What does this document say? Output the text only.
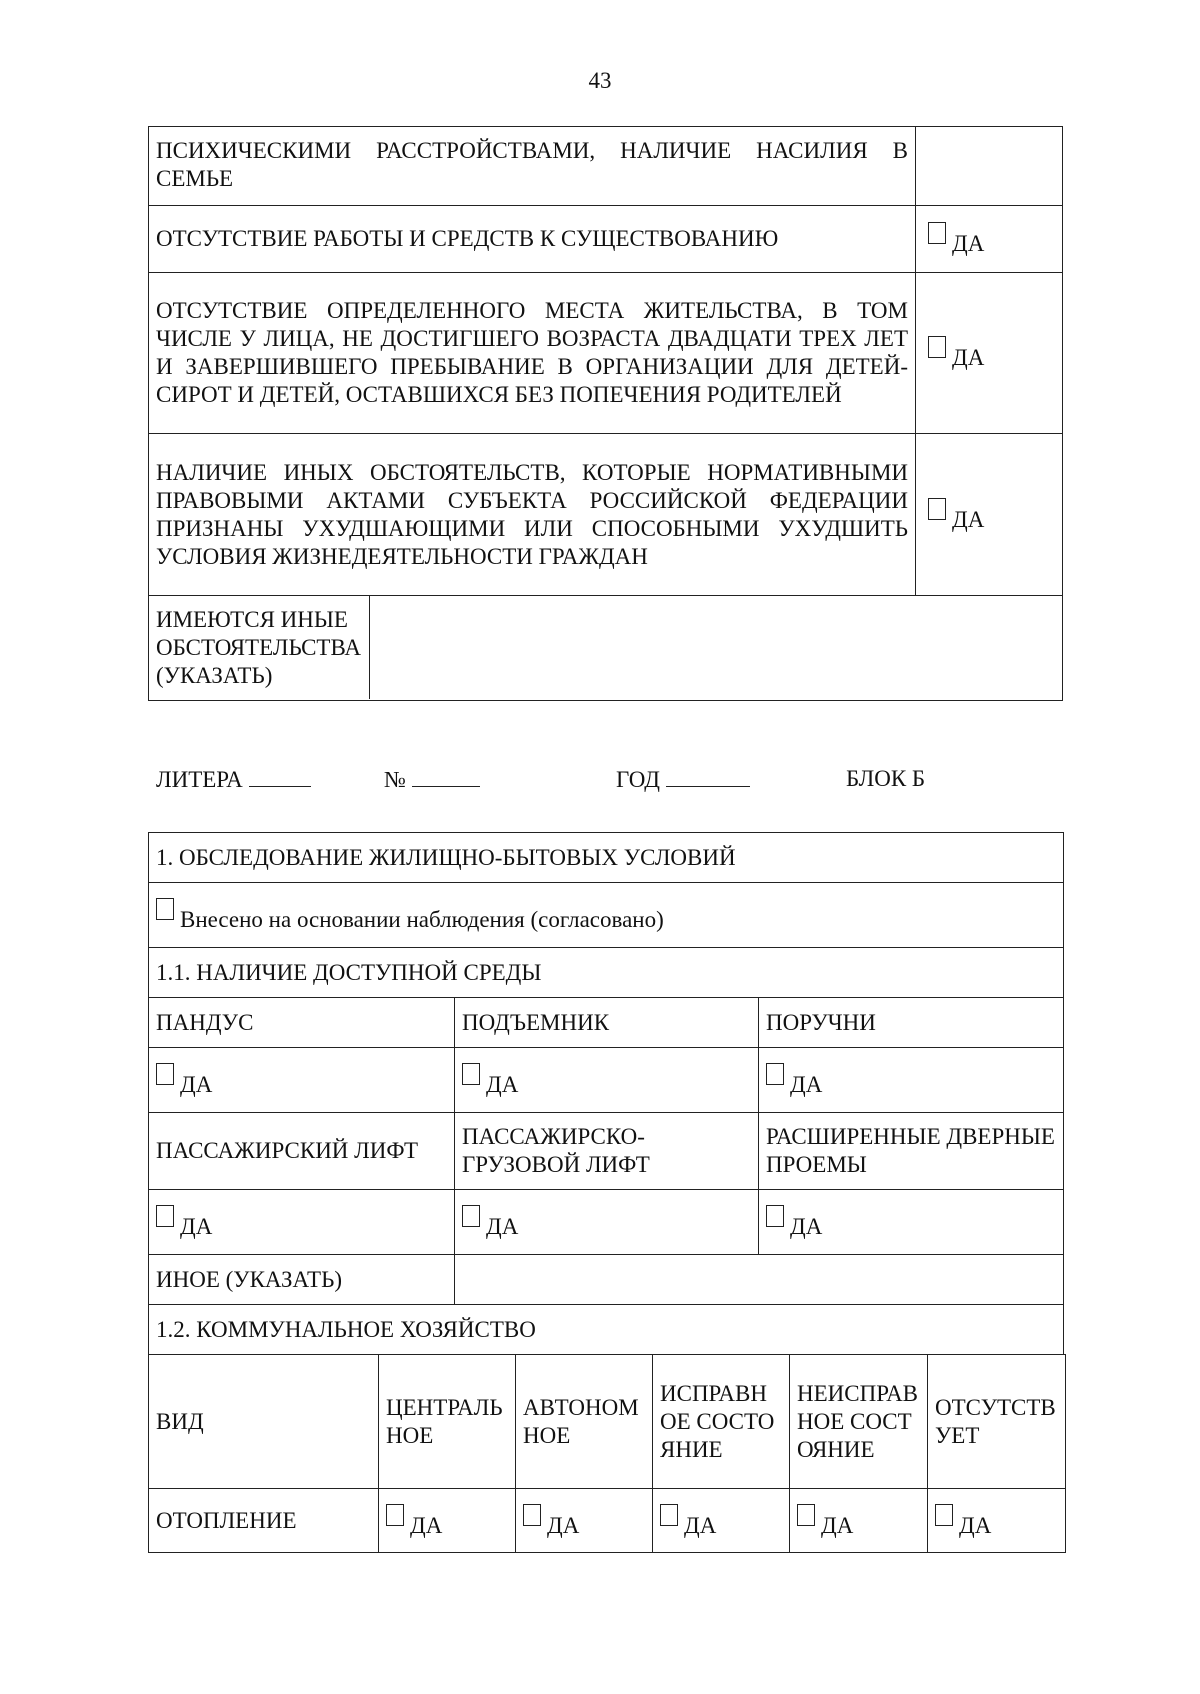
43
ПСИХИЧЕСКИМИ РАССТРОЙСТВАМИ, НАЛИЧИЕ НАСИЛИЯ В СЕМЬЕ	
ОТСУТСТВИЕ РАБОТЫ И СРЕДСТВ К СУЩЕСТВОВАНИЮ	ДА
ОТСУТСТВИЕ ОПРЕДЕЛЕННОГО МЕСТА ЖИТЕЛЬСТВА, В ТОМ ЧИСЛЕ У ЛИЦА, НЕ ДОСТИГШЕГО ВОЗРАСТА ДВАДЦАТИ ТРЕХ ЛЕТ И ЗАВЕРШИВШЕГО ПРЕБЫВАНИЕ В ОРГАНИЗАЦИИ ДЛЯ ДЕТЕЙ-СИРОТ И ДЕТЕЙ, ОСТАВШИХСЯ БЕЗ ПОПЕЧЕНИЯ РОДИТЕЛЕЙ	ДА
НАЛИЧИЕ ИНЫХ ОБСТОЯТЕЛЬСТВ, КОТОРЫЕ НОРМАТИВНЫМИ ПРАВОВЫМИ АКТАМИ СУБЪЕКТА РОССИЙСКОЙ ФЕДЕРАЦИИ ПРИЗНАНЫ УХУДШАЮЩИМИ ИЛИ СПОСОБНЫМИ УХУДШИТЬ УСЛОВИЯ ЖИЗНЕДЕЯТЕЛЬНОСТИ ГРАЖДАН	ДА

ИМЕЮТСЯ ИНЫЕ ОБСТОЯТЕЛЬСТВА (УКАЗАТЬ)	
ЛИТЕРА	№	ГОД	БЛОК Б
1. ОБСЛЕДОВАНИЕ ЖИЛИЩНО-БЫТОВЫХ УСЛОВИЙ		
Внесено на основании наблюдения (согласовано)		
1.1. НАЛИЧИЕ ДОСТУПНОЙ СРЕДЫ		
ПАНДУС	ПОДЪЕМНИК	ПОРУЧНИ
ДА	ДА	ДА
ПАССАЖИРСКИЙ ЛИФТ	ПАССАЖИРСКО-ГРУЗОВОЙ ЛИФТ	РАСШИРЕННЫЕ ДВЕРНЫЕ ПРОЕМЫ
ДА	ДА	ДА
ИНОЕ (УКАЗАТЬ)		
1.2. КОММУНАЛЬНОЕ ХОЗЯЙСТВО		
ВИД	ЦЕНТРАЛЬНОЕ	АВТОНОМНОЕ	ИСПРАВНОЕ СОСТОЯНИЕ	НЕИСПРАВНОЕ СОСТОЯНИЕ	ОТСУТСТВУЕТ
ОТОПЛЕНИЕ	ДА	ДА	ДА	ДА	ДА
